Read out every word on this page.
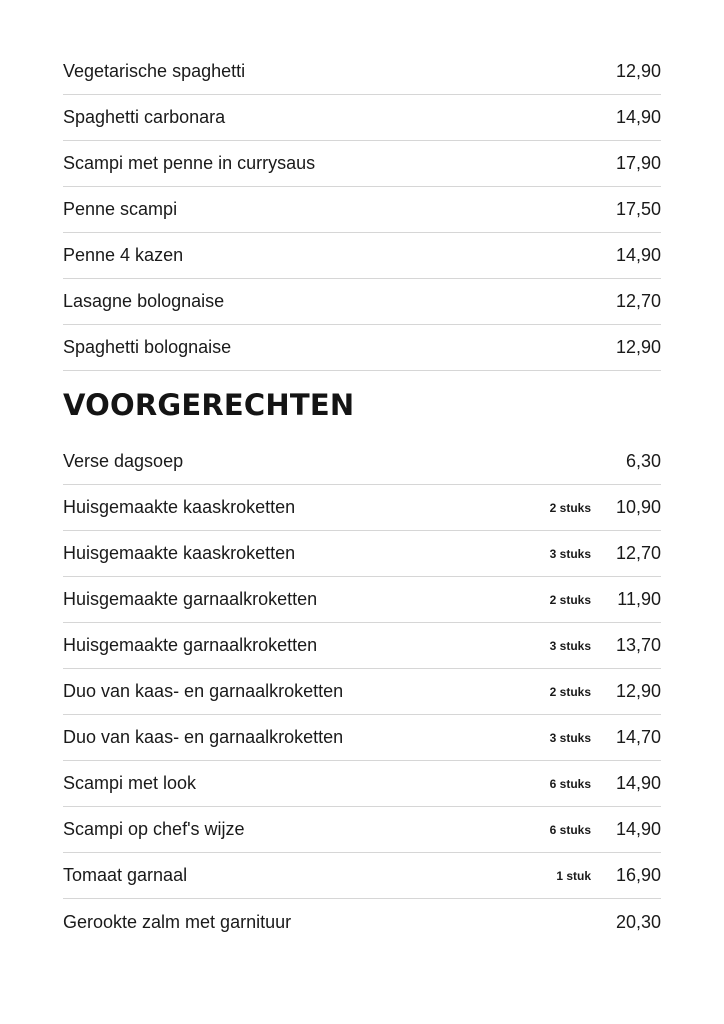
Vegetarische spaghetti	12,90
Spaghetti carbonara	14,90
Scampi met penne in currysaus	17,90
Penne scampi	17,50
Penne 4 kazen	14,90
Lasagne bolognaise	12,70
Spaghetti bolognaise	12,90
VOORGERECHTEN
Verse dagsoep	6,30
Huisgemaakte kaaskroketten	2 stuks	10,90
Huisgemaakte kaaskroketten	3 stuks	12,70
Huisgemaakte garnaalkroketten	2 stuks	11,90
Huisgemaakte garnaalkroketten	3 stuks	13,70
Duo van kaas- en garnaalkroketten	2 stuks	12,90
Duo van kaas- en garnaalkroketten	3 stuks	14,70
Scampi met look	6 stuks	14,90
Scampi op chef's wijze	6 stuks	14,90
Tomaat garnaal	1 stuk	16,90
Gerookte zalm met garnituur	20,30
